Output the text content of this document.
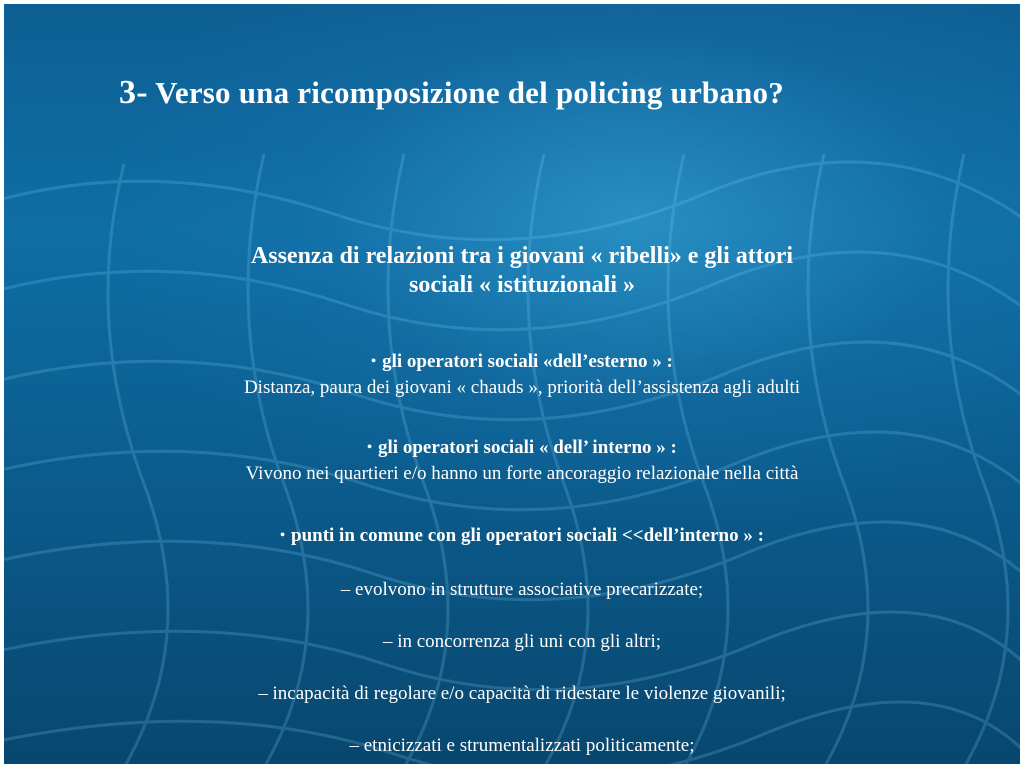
3- Verso una ricomposizione del policing urbano?
Assenza di relazioni tra i giovani « ribelli» e gli attori
sociali « istituzionali »
• gli operatori sociali «dell’esterno » :
Distanza, paura dei giovani « chauds », priorità dell’assistenza agli adulti
• gli operatori sociali « dell’ interno » :
Vivono nei quartieri e/o hanno un forte ancoraggio relazionale nella città
• punti in comune con gli operatori sociali <<dell’interno » :
– evolvono in strutture associative precarizzate;
– in concorrenza gli uni con gli altri;
– incapacità di regolare e/o capacità di ridestare le violenze giovanili;
– etnicizzati e strumentalizzati politicamente;
